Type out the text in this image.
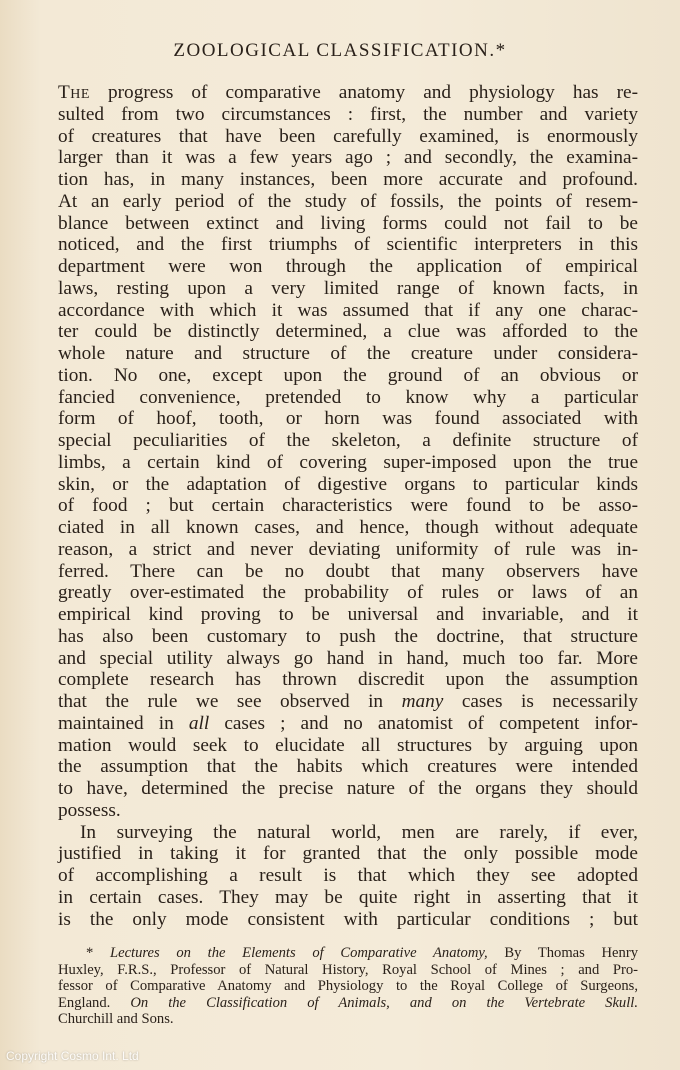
ZOOLOGICAL CLASSIFICATION.*
The progress of comparative anatomy and physiology has re-
sulted from two circumstances : first, the number and variety
of creatures that have been carefully examined, is enormously
larger than it was a few years ago ; and secondly, the examina-
tion has, in many instances, been more accurate and profound.
At an early period of the study of fossils, the points of resem-
blance between extinct and living forms could not fail to be
noticed, and the first triumphs of scientific interpreters in this
department were won through the application of empirical
laws, resting upon a very limited range of known facts, in
accordance with which it was assumed that if any one charac-
ter could be distinctly determined, a clue was afforded to the
whole nature and structure of the creature under considera-
tion. No one, except upon the ground of an obvious or
fancied convenience, pretended to know why a particular
form of hoof, tooth, or horn was found associated with
special peculiarities of the skeleton, a definite structure of
limbs, a certain kind of covering super-imposed upon the true
skin, or the adaptation of digestive organs to particular kinds
of food ; but certain characteristics were found to be asso-
ciated in all known cases, and hence, though without adequate
reason, a strict and never deviating uniformity of rule was in-
ferred. There can be no doubt that many observers have
greatly over-estimated the probability of rules or laws of an
empirical kind proving to be universal and invariable, and it
has also been customary to push the doctrine, that structure
and special utility always go hand in hand, much too far. More
complete research has thrown discredit upon the assumption
that the rule we see observed in many cases is necessarily
maintained in all cases ; and no anatomist of competent infor-
mation would seek to elucidate all structures by arguing upon
the assumption that the habits which creatures were intended
to have, determined the precise nature of the organs they should
possess.
In surveying the natural world, men are rarely, if ever,
justified in taking it for granted that the only possible mode
of accomplishing a result is that which they see adopted
in certain cases. They may be quite right in asserting that it
is the only mode consistent with particular conditions ; but
* Lectures on the Elements of Comparative Anatomy, By Thomas Henry
Huxley, F.R.S., Professor of Natural History, Royal School of Mines ; and Pro-
fessor of Comparative Anatomy and Physiology to the Royal College of Surgeons,
England. On the Classification of Animals, and on the Vertebrate Skull.
Churchill and Sons.
Copyright Cosmo Int. Ltd
